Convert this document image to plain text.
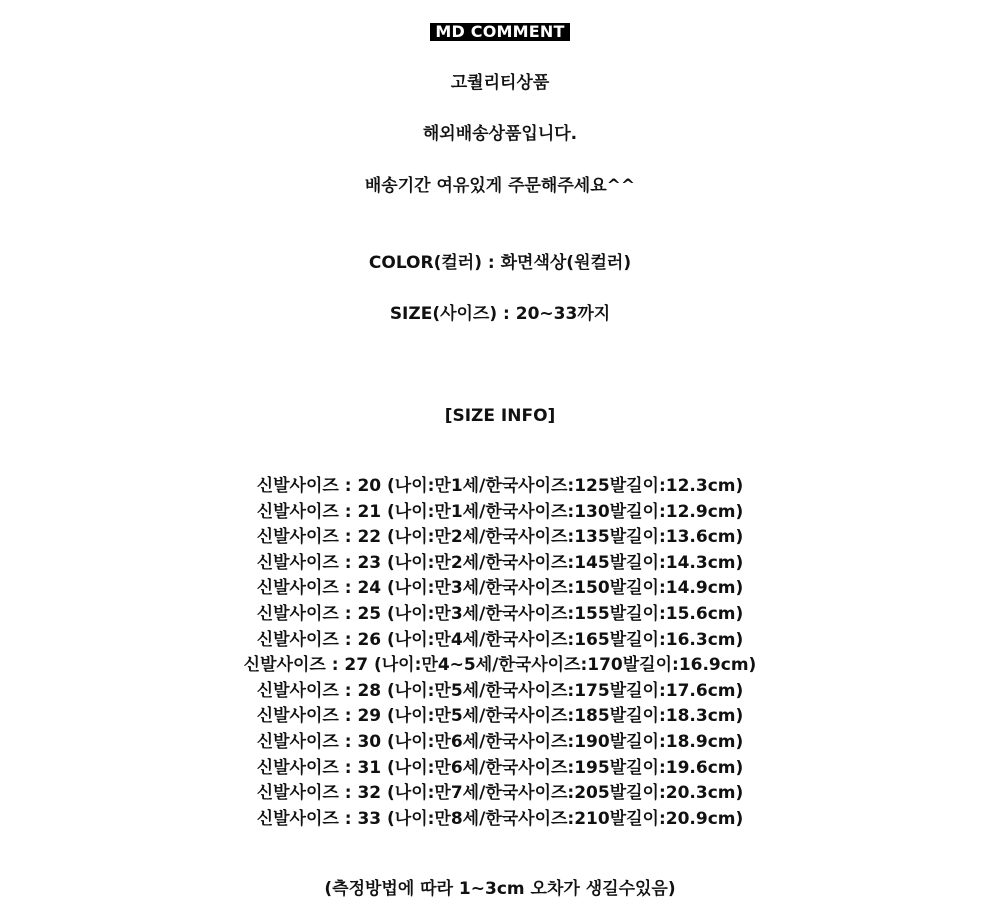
MD COMMENT
고퀄리티상품
해외배송상품입니다.
배송기간 여유있게 주문해주세요^^
COLOR(컬러) : 화면색상(원컬러)
SIZE(사이즈) : 20~33까지
[SIZE INFO]
신발사이즈 : 20 (나이:만1세/한국사이즈:125발길이:12.3cm)
신발사이즈 : 21 (나이:만1세/한국사이즈:130발길이:12.9cm)
신발사이즈 : 22 (나이:만2세/한국사이즈:135발길이:13.6cm)
신발사이즈 : 23 (나이:만2세/한국사이즈:145발길이:14.3cm)
신발사이즈 : 24 (나이:만3세/한국사이즈:150발길이:14.9cm)
신발사이즈 : 25 (나이:만3세/한국사이즈:155발길이:15.6cm)
신발사이즈 : 26 (나이:만4세/한국사이즈:165발길이:16.3cm)
신발사이즈 : 27 (나이:만4~5세/한국사이즈:170발길이:16.9cm)
신발사이즈 : 28 (나이:만5세/한국사이즈:175발길이:17.6cm)
신발사이즈 : 29 (나이:만5세/한국사이즈:185발길이:18.3cm)
신발사이즈 : 30 (나이:만6세/한국사이즈:190발길이:18.9cm)
신발사이즈 : 31 (나이:만6세/한국사이즈:195발길이:19.6cm)
신발사이즈 : 32 (나이:만7세/한국사이즈:205발길이:20.3cm)
신발사이즈 : 33 (나이:만8세/한국사이즈:210발길이:20.9cm)
(측정방법에 따라 1~3cm 오차가 생길수있음)
